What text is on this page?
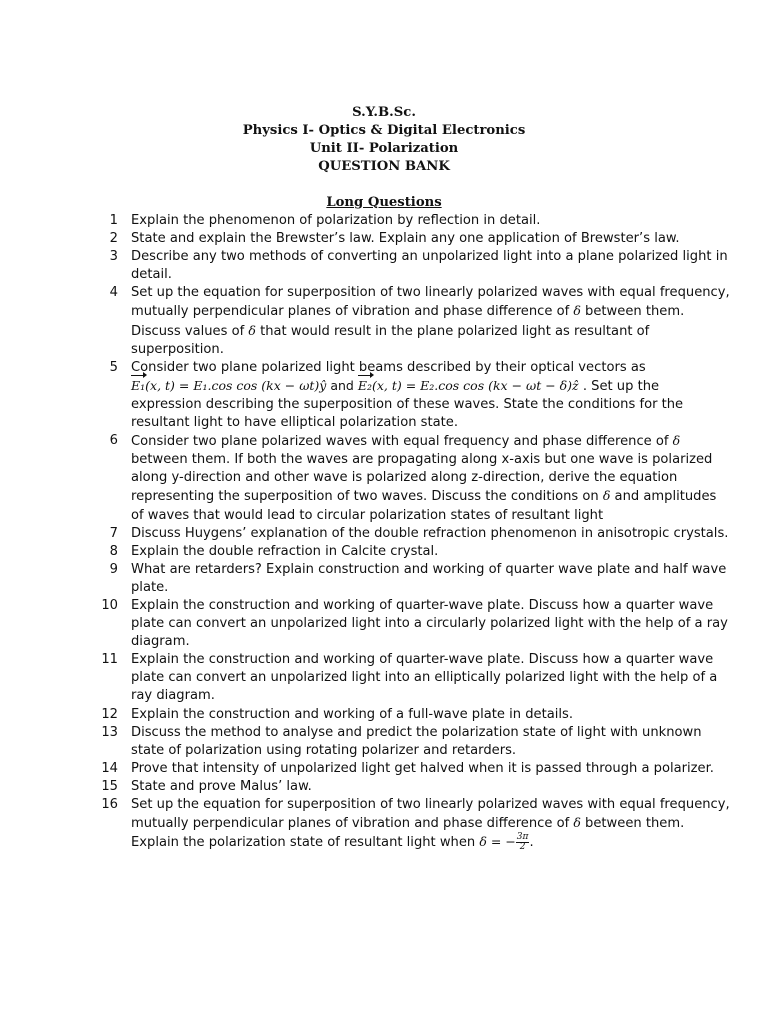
S.Y.B.Sc.
Physics I- Optics & Digital Electronics
Unit II- Polarization
QUESTION BANK
Long Questions
1 Explain the phenomenon of polarization by reflection in detail.
2 State and explain the Brewster’s law. Explain any one application of Brewster’s law.
3 Describe any two methods of converting an unpolarized light into a plane polarized light in detail.
4 Set up the equation for superposition of two linearly polarized waves with equal frequency, mutually perpendicular planes of vibration and phase difference of δ between them. Discuss values of δ that would result in the plane polarized light as resultant of superposition.
5 Consider two plane polarized light beams described by their optical vectors as
E₁(x, t) = E₁.cos cos (kx − ωt)ŷ and E₂(x, t) = E₂.cos cos (kx − ωt − δ)ẑ . Set up the expression describing the superposition of these waves. State the conditions for the resultant light to have elliptical polarization state.
6 Consider two plane polarized waves with equal frequency and phase difference of δ between them. If both the waves are propagating along x-axis but one wave is polarized along y-direction and other wave is polarized along z-direction, derive the equation representing the superposition of two waves. Discuss the conditions on δ and amplitudes of waves that would lead to circular polarization states of resultant light
7 Discuss Huygens’ explanation of the double refraction phenomenon in anisotropic crystals.
8 Explain the double refraction in Calcite crystal.
9 What are retarders? Explain construction and working of quarter wave plate and half wave plate.
10 Explain the construction and working of quarter-wave plate. Discuss how a quarter wave plate can convert an unpolarized light into a circularly polarized light with the help of a ray diagram.
11 Explain the construction and working of quarter-wave plate. Discuss how a quarter wave plate can convert an unpolarized light into an elliptically polarized light with the help of a ray diagram.
12 Explain the construction and working of a full-wave plate in details.
13 Discuss the method to analyse and predict the polarization state of light with unknown state of polarization using rotating polarizer and retarders.
14 Prove that intensity of unpolarized light get halved when it is passed through a polarizer.
15 State and prove Malus’ law.
16 Set up the equation for superposition of two linearly polarized waves with equal frequency, mutually perpendicular planes of vibration and phase difference of δ between them. Explain the polarization state of resultant light when δ = − $\frac{3\pi}{2}$ .
